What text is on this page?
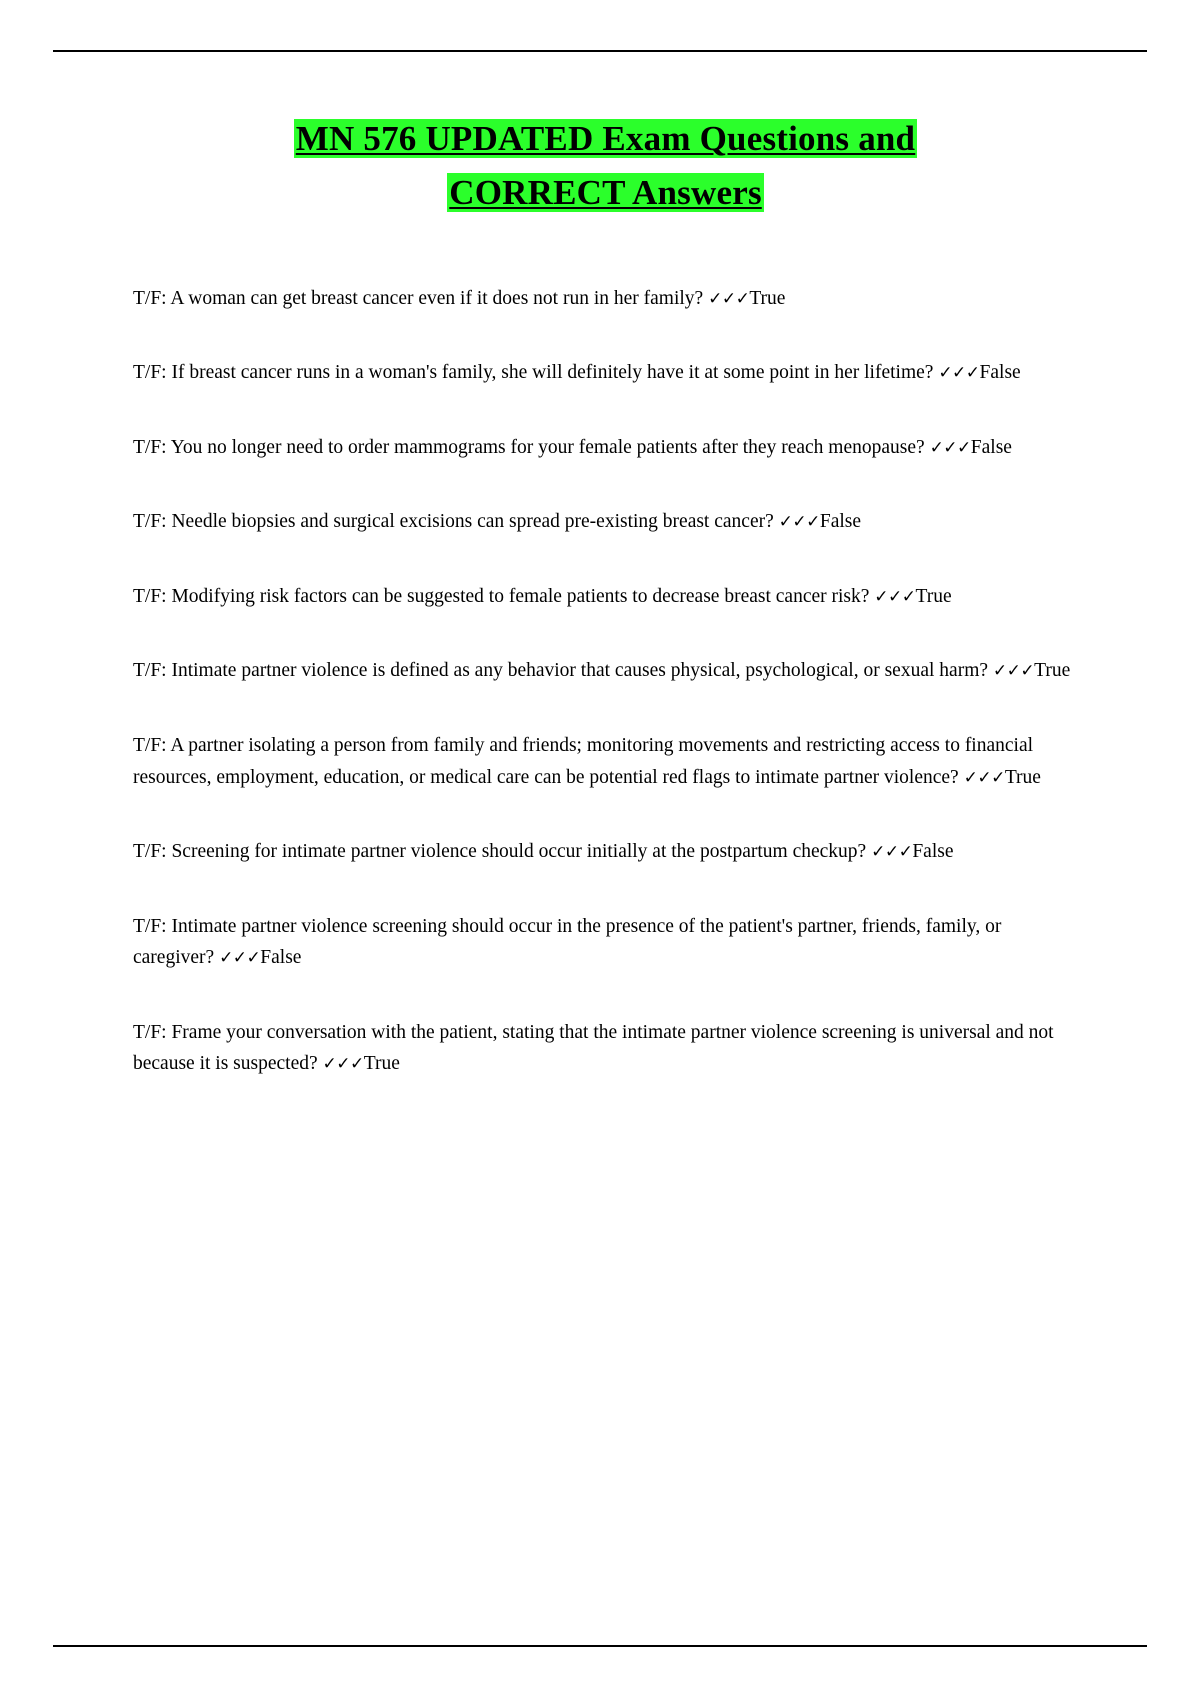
MN 576 UPDATED Exam Questions and
CORRECT Answers
T/F: A woman can get breast cancer even if it does not run in her family? ✓✓✓True
T/F: If breast cancer runs in a woman's family, she will definitely have it at some point in her lifetime? ✓✓✓False
T/F: You no longer need to order mammograms for your female patients after they reach menopause? ✓✓✓False
T/F: Needle biopsies and surgical excisions can spread pre-existing breast cancer? ✓✓✓False
T/F: Modifying risk factors can be suggested to female patients to decrease breast cancer risk? ✓✓✓True
T/F: Intimate partner violence is defined as any behavior that causes physical, psychological, or sexual harm? ✓✓✓True
T/F: A partner isolating a person from family and friends; monitoring movements and restricting access to financial resources, employment, education, or medical care can be potential red flags to intimate partner violence? ✓✓✓True
T/F: Screening for intimate partner violence should occur initially at the postpartum checkup? ✓✓✓False
T/F: Intimate partner violence screening should occur in the presence of the patient's partner, friends, family, or caregiver? ✓✓✓False
T/F: Frame your conversation with the patient, stating that the intimate partner violence screening is universal and not because it is suspected? ✓✓✓True
